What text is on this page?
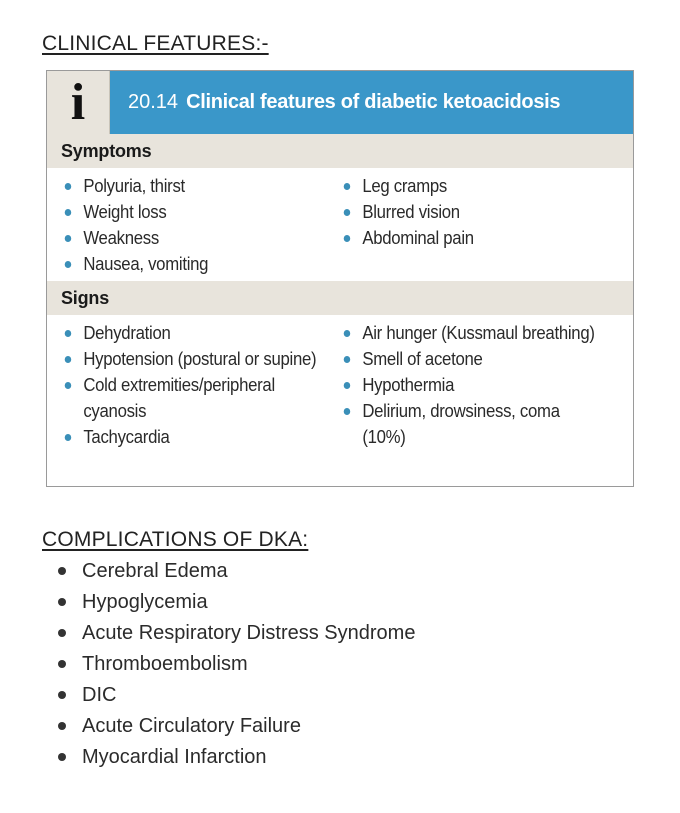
CLINICAL FEATURES:-
i 20.14 Clinical features of diabetic ketoacidosis
Symptoms
Polyuria, thirst
Weight loss
Weakness
Nausea, vomiting
Leg cramps
Blurred vision
Abdominal pain
Signs
Dehydration
Hypotension (postural or supine)
Cold extremities/peripheral cyanosis
Tachycardia
Air hunger (Kussmaul breathing)
Smell of acetone
Hypothermia
Delirium, drowsiness, coma (10%)
COMPLICATIONS OF DKA:
Cerebral Edema
Hypoglycemia
Acute Respiratory Distress Syndrome
Thromboembolism
DIC
Acute Circulatory Failure
Myocardial Infarction
